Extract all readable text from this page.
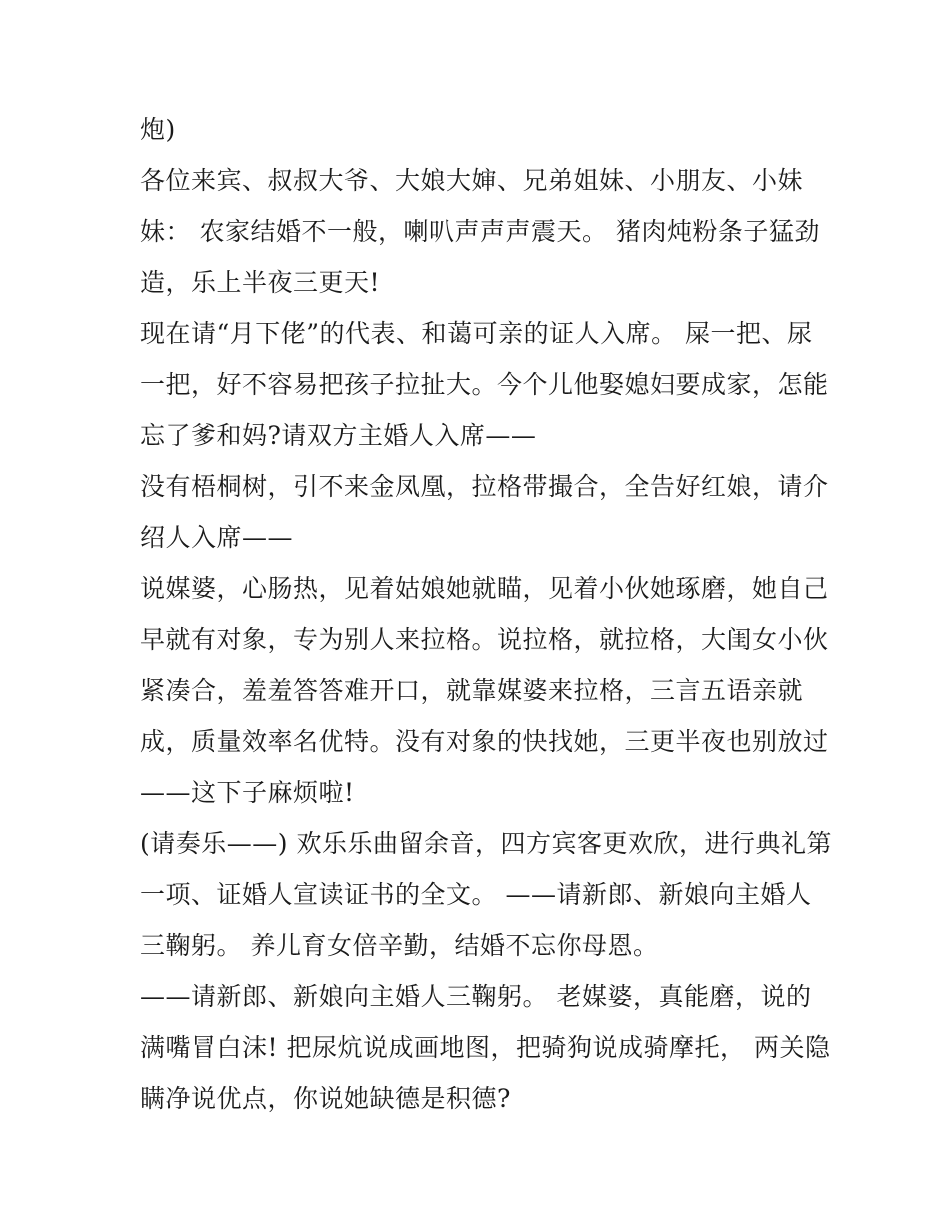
炮)
各位来宾、叔叔大爷、大娘大婶、兄弟姐妹、小朋友、小妹
妹： 农家结婚不一般，喇叭声声声震天。 猪肉炖粉条子猛劲
造，乐上半夜三更天!
现在请“月下佬”的代表、和蔼可亲的证人入席。 屎一把、尿
一把，好不容易把孩子拉扯大。今个儿他娶媳妇要成家，怎能
忘了爹和妈?请双方主婚人入席——
没有梧桐树，引不来金凤凰，拉格带撮合，全告好红娘，请介
绍人入席——
说媒婆，心肠热，见着姑娘她就瞄，见着小伙她琢磨，她自己
早就有对象，专为别人来拉格。说拉格，就拉格，大闺女小伙
紧凑合，羞羞答答难开口，就靠媒婆来拉格，三言五语亲就
成，质量效率名优特。没有对象的快找她，三更半夜也别放过
——这下子麻烦啦!
(请奏乐——) 欢乐乐曲留余音，四方宾客更欢欣，进行典礼第
一项、证婚人宣读证书的全文。 ——请新郎、新娘向主婚人
三鞠躬。 养儿育女倍辛勤，结婚不忘你母恩。
——请新郎、新娘向主婚人三鞠躬。 老媒婆，真能磨，说的
满嘴冒白沫! 把尿炕说成画地图，把骑狗说成骑摩托， 两关隐
瞒净说优点，你说她缺德是积德?
